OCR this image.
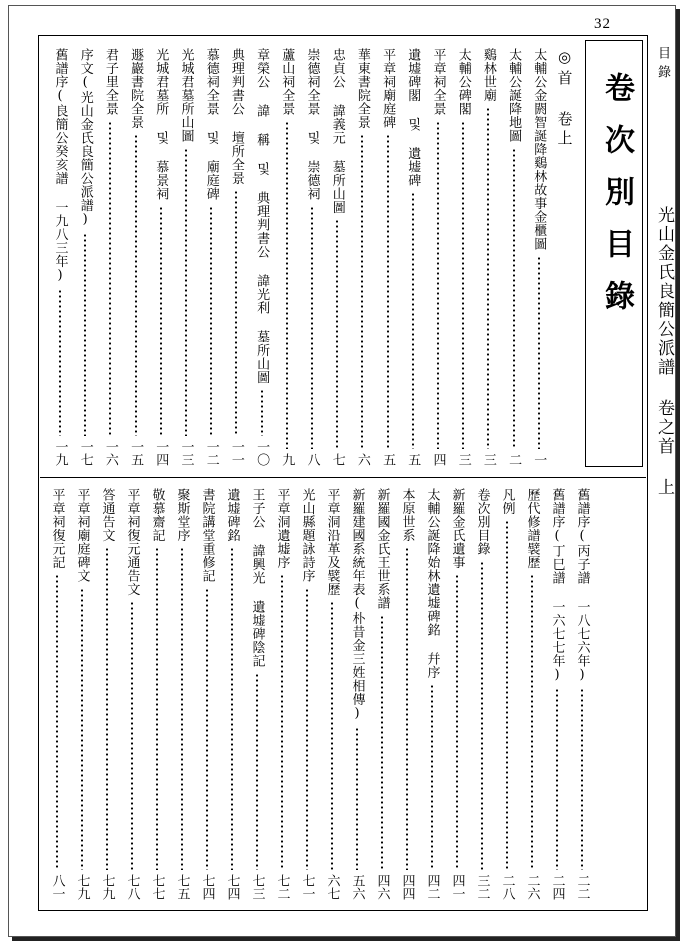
32
目錄
光山金氏良簡公派譜 卷之首
上
卷次別目錄
◎首 卷上
太輔公金閼智誕降鷄林故事金櫃圖
一
太輔公誕降地圖
二
鷄林世廟
三
太輔公碑閣
三
平章祠全景
四
遺墟碑閣 및 遺墟碑
五
平章祠廟庭碑
五
華東書院全景
六
忠貞公 諱義元 墓所山圖
七
崇德祠全景 및 崇德祠
八
蘆山祠全景
九
章榮公 諱 稱 및 典理判書公 諱光利 墓所山圖
一〇
典理判書公 壇所全景
一一
慕德祠全景 및 廟庭碑
一二
光城君墓所山圖
一三
光城君墓所 및 慕景祠
一四
遯巖書院全景
一五
君子里全景
一六
序文(光山金氏良簡公派譜)
一七
舊譜序(良簡公癸亥譜 一九八三年)
一九
舊譜序(丙子譜 一八七六年)
二二
舊譜序(丁巳譜 一六七七年)
二四
歷代修譜襞歷
二六
凡例
二八
卷次別目錄
三二
新羅金氏遺事
四一
太輔公誕降始林遺墟碑銘 幷序
四二
本原世系
四四
新羅國金氏王世系譜
四六
新羅建國系統年表(朴昔金三姓相傳)
五六
平章洞沿革及襞歷
六七
光山縣題詠詩序
七一
平章洞遺墟序
七二
王子公 諱興光 遺墟碑陰記
七三
遺墟碑銘
七四
書院講堂重修記
七四
聚斯堂序
七五
敬慕齋記
七七
平章祠復元通告文
七八
答通告文
七九
平章祠廟庭碑文
七九
平章祠復元記
八一
